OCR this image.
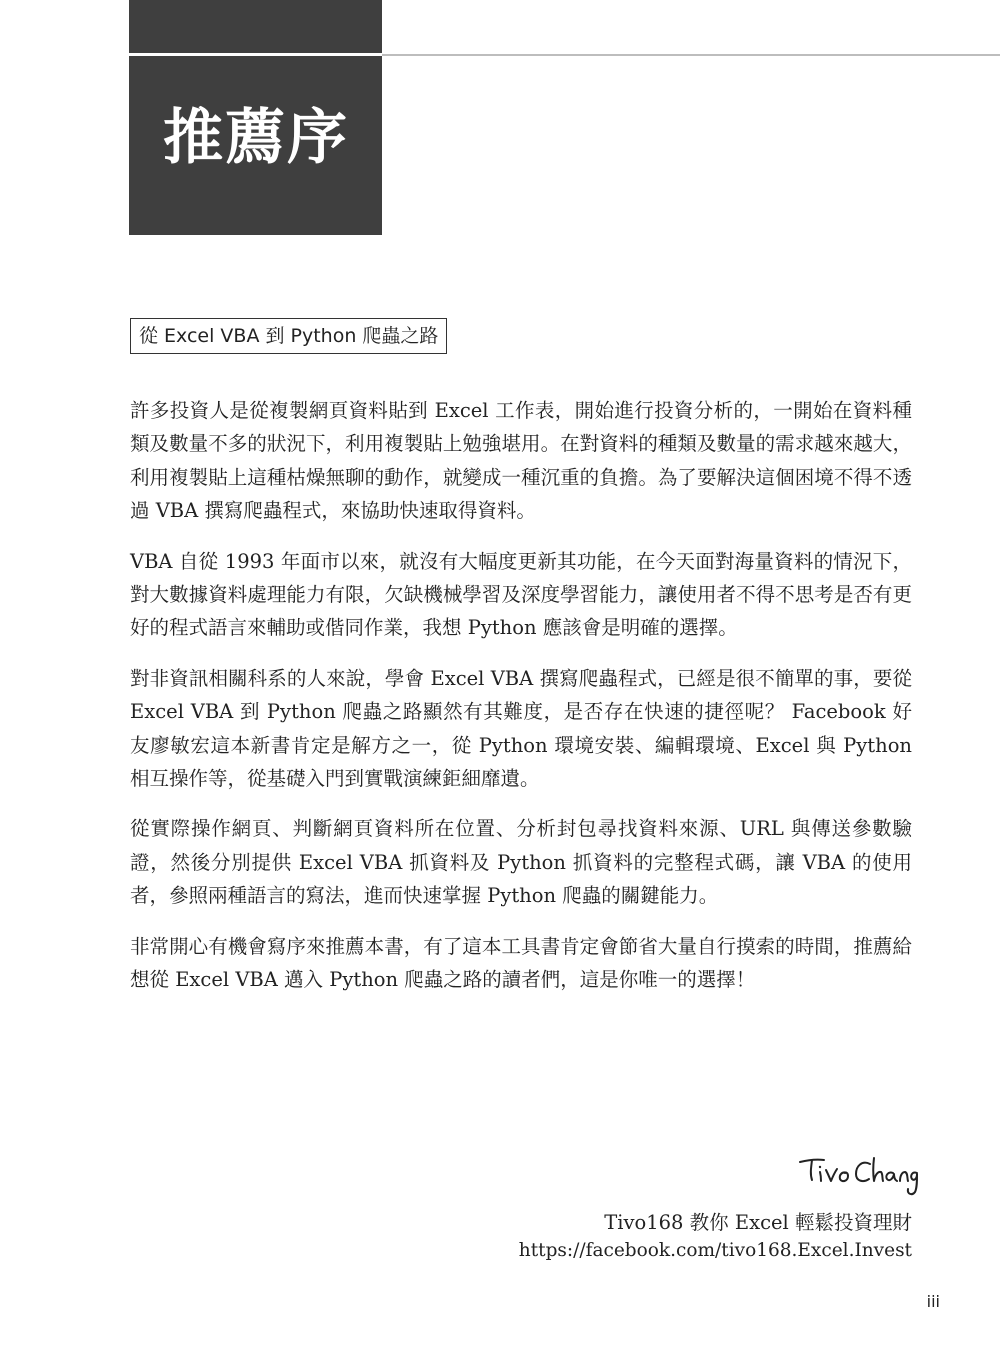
推薦序
從 Excel VBA 到 Python 爬蟲之路

許多投資人是從複製網頁資料貼到 Excel 工作表，開始進行投資分析的，一開始在資料種類及數量不多的狀況下，利用複製貼上勉強堪用。在對資料的種類及數量的需求越來越大，利用複製貼上這種枯燥無聊的動作，就變成一種沉重的負擔。為了要解決這個困境不得不透過 VBA 撰寫爬蟲程式，來協助快速取得資料。

VBA 自從 1993 年面市以來，就沒有大幅度更新其功能，在今天面對海量資料的情況下，對大數據資料處理能力有限，欠缺機械學習及深度學習能力，讓使用者不得不思考是否有更好的程式語言來輔助或偕同作業，我想 Python 應該會是明確的選擇。

對非資訊相關科系的人來說，學會 Excel VBA 撰寫爬蟲程式，已經是很不簡單的事，要從 Excel VBA 到 Python 爬蟲之路顯然有其難度，是否存在快速的捷徑呢？ Facebook 好友廖敏宏這本新書肯定是解方之一，從 Python 環境安裝、編輯環境、Excel 與 Python 相互操作等，從基礎入門到實戰演練鉅細靡遺。

從實際操作網頁、判斷網頁資料所在位置、分析封包尋找資料來源、URL 與傳送參數驗證，然後分別提供 Excel VBA 抓資料及 Python 抓資料的完整程式碼，讓 VBA 的使用者，參照兩種語言的寫法，進而快速掌握 Python 爬蟲的關鍵能力。

非常開心有機會寫序來推薦本書，有了這本工具書肯定會節省大量自行摸索的時間，推薦給想從 Excel VBA 邁入 Python 爬蟲之路的讀者們，這是你唯一的選擇！

Tivo168 教你 Excel 輕鬆投資理財
https://facebook.com/tivo168.Excel.Invest
iii
